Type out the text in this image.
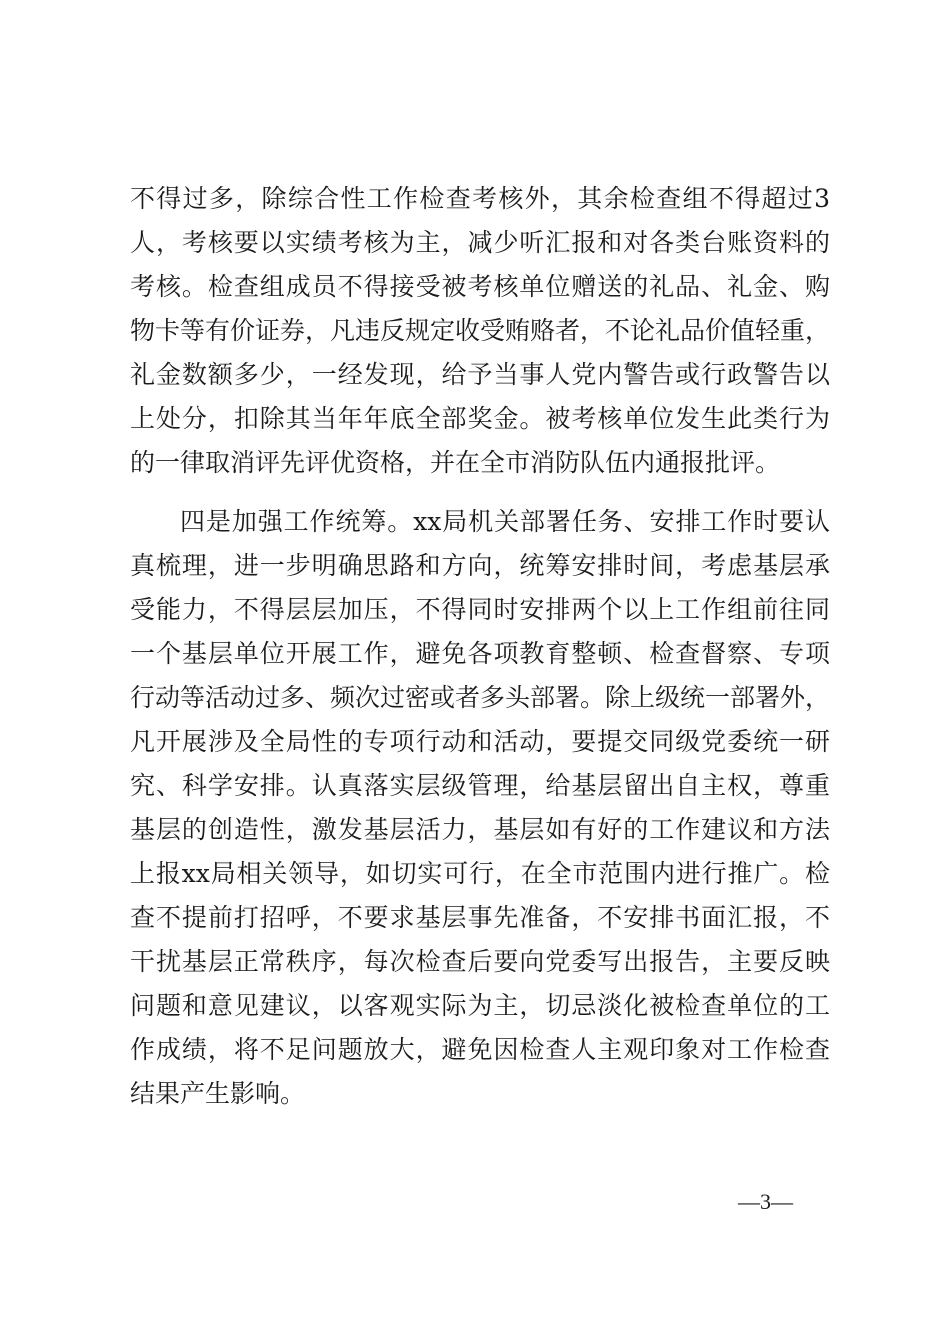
不得过多，除综合性工作检查考核外，其余检查组不得超过3
人，考核要以实绩考核为主，减少听汇报和对各类台账资料的
考核。检查组成员不得接受被考核单位赠送的礼品、礼金、购
物卡等有价证券，凡违反规定收受贿赂者，不论礼品价值轻重，
礼金数额多少，一经发现，给予当事人党内警告或行政警告以
上处分，扣除其当年年底全部奖金。被考核单位发生此类行为
的一律取消评先评优资格，并在全市消防队伍内通报批评。
四是加强工作统筹。xx局机关部署任务、安排工作时要认
真梳理，进一步明确思路和方向，统筹安排时间，考虑基层承
受能力，不得层层加压，不得同时安排两个以上工作组前往同
一个基层单位开展工作，避免各项教育整顿、检查督察、专项
行动等活动过多、频次过密或者多头部署。除上级统一部署外，
凡开展涉及全局性的专项行动和活动，要提交同级党委统一研
究、科学安排。认真落实层级管理，给基层留出自主权，尊重
基层的创造性，激发基层活力，基层如有好的工作建议和方法
上报xx局相关领导，如切实可行，在全市范围内进行推广。检
查不提前打招呼，不要求基层事先准备，不安排书面汇报，不
干扰基层正常秩序，每次检查后要向党委写出报告，主要反映
问题和意见建议，以客观实际为主，切忌淡化被检查单位的工
作成绩，将不足问题放大，避免因检查人主观印象对工作检查
结果产生影响。
—3—
